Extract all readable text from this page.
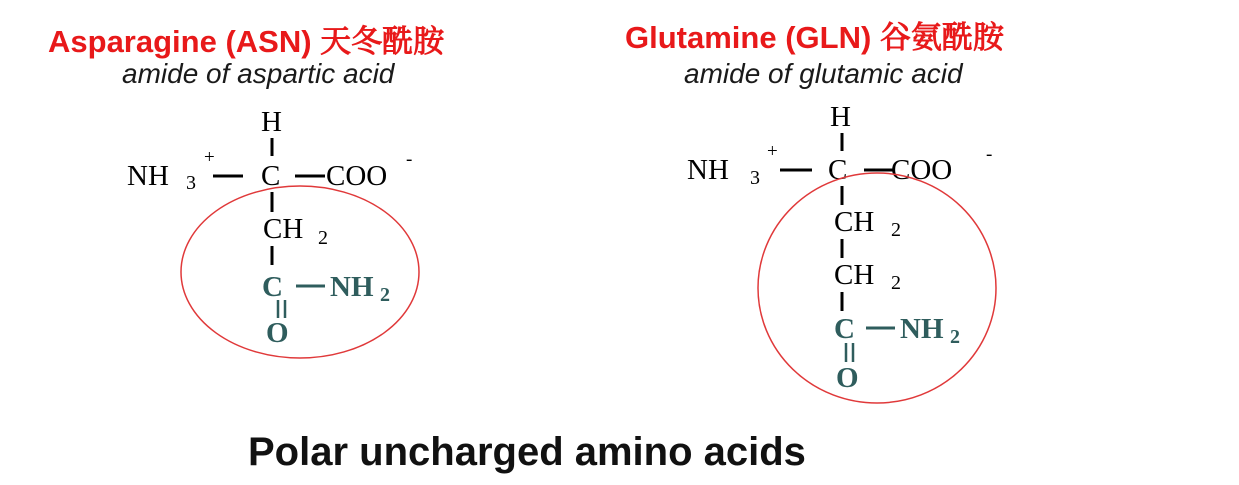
Asparagine (ASN) 天冬酰胺
amide of aspartic acid
Glutamine (GLN) 谷氨酰胺
amide of glutamic acid
H
NH 3
+
C COO
-
CH 2
C NH 2
O
H
NH 3
+
C COO -
CH 2
CH 2
C NH 2
O
Polar uncharged amino acids
